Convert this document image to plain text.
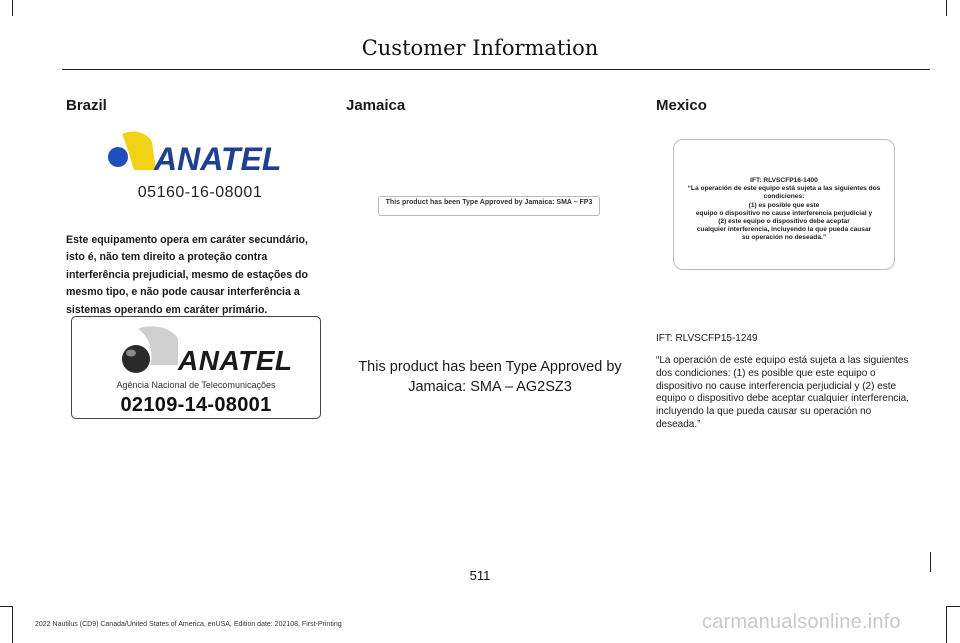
Customer Information
Brazil	Jamaica	Mexico
ANATEL
05160-16-08001
Este equipamento opera em caráter secundário, isto é, não tem direito a proteção contra interferência prejudicial, mesmo de estações do mesmo tipo, e não pode causar interferência a sistemas operando em caráter primário.
ANATEL
Agência Nacional de Telecomunicações
02109-14-08001
This product has been Type Approved by Jamaica: SMA – FP3
This product has been Type Approved by Jamaica: SMA – AG2SZ3
IFT: RLVSCFP16-1400
“La operación de este equipo está sujeta a las siguientes dos condiciones:
(1) es posible que este
equipo o dispositivo no cause interferencia perjudicial y
(2) este equipo o dispositivo debe aceptar
cualquier interferencia, incluyendo la que pueda causar
su operación no deseada.”
IFT: RLVSCFP15-1249
“La operación de este equipo está sujeta a las siguientes dos condiciones: (1) es posible que este equipo o dispositivo no cause interferencia perjudicial y (2) este equipo o dispositivo debe aceptar cualquier interferencia, incluyendo la que pueda causar su operación no deseada.”
511
2022 Nautilus (CD9) Canada/United States of America, enUSA, Edition date: 202108, First-Printing	carmanualsonline.info
